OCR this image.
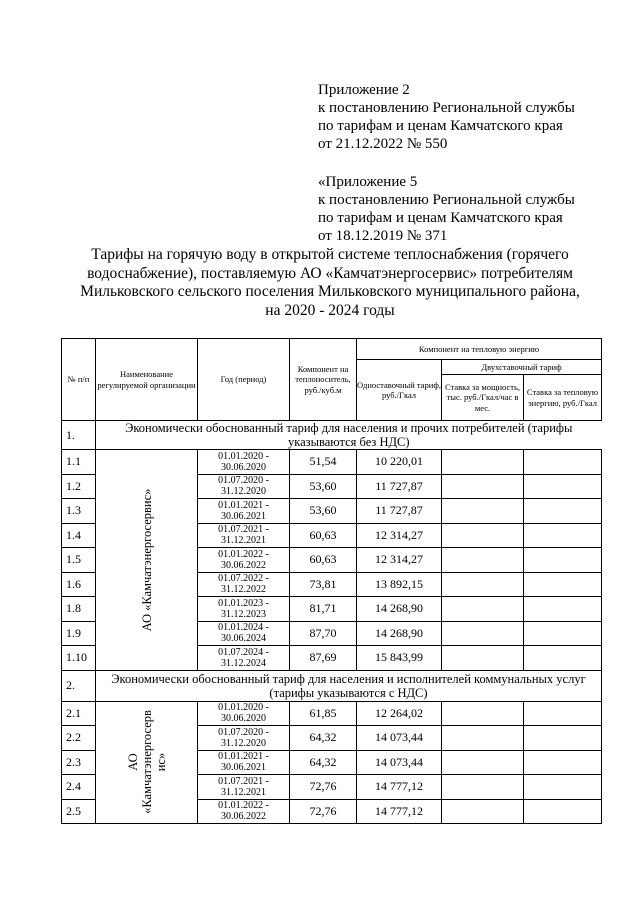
Приложение 2
к постановлению Региональной службы
по тарифам и ценам Камчатского края
от 21.12.2022 № 550
«Приложение 5
к постановлению Региональной службы
по тарифам и ценам Камчатского края
от 18.12.2019 № 371
Тарифы на горячую воду в открытой системе теплоснабжения (горячего
водоснабжение), поставляемую АО «Камчатэнергосервис» потребителям
Мильковского сельского поселения Мильковского муниципального района,
на 2020 - 2024 годы
№ п/п	Наименование регулируемой организации	Год (период)	Компонент на теплоноситель, руб./куб.м	Компонент на тепловую энергию		
				Одноставочный тариф, руб./Гкал	Двухставочный тариф	
					Ставка за мощность, тыс. руб./Гкал/час в мес.	Ставка за тепловую энергию, руб./Гкал
1.	Экономически обоснованный тариф для населения и прочих потребителей (тарифы указываются без НДС)					
1.1	АО «Камчатэнергосервис»	01.01.2020 - 30.06.2020	51,54	10 220,01		
1.2		01.07.2020 - 31.12.2020	53,60	11 727,87		
1.3		01.01.2021 - 30.06.2021	53,60	11 727,87		
1.4		01.07.2021 - 31.12.2021	60,63	12 314,27		
1.5		01.01.2022 - 30.06.2022	60,63	12 314,27		
1.6		01.07.2022 - 31.12.2022	73,81	13 892,15		
1.8		01.01.2023 - 31.12.2023	81,71	14 268,90		
1.9		01.01.2024 - 30.06.2024	87,70	14 268,90		
1.10		01.07.2024 - 31.12.2024	87,69	15 843,99		
2.	Экономически обоснованный тариф для населения и исполнителей коммунальных услуг (тарифы указываются с НДС)					
2.1	АО «Камчатэнергосерв ис»	01.01.2020 - 30.06.2020	61,85	12 264,02		
2.2		01.07.2020 - 31.12.2020	64,32	14 073,44		
2.3		01.01.2021 - 30.06.2021	64,32	14 073,44		
2.4		01.07.2021 - 31.12.2021	72,76	14 777,12		
2.5		01.01.2022 - 30.06.2022	72,76	14 777,12		
